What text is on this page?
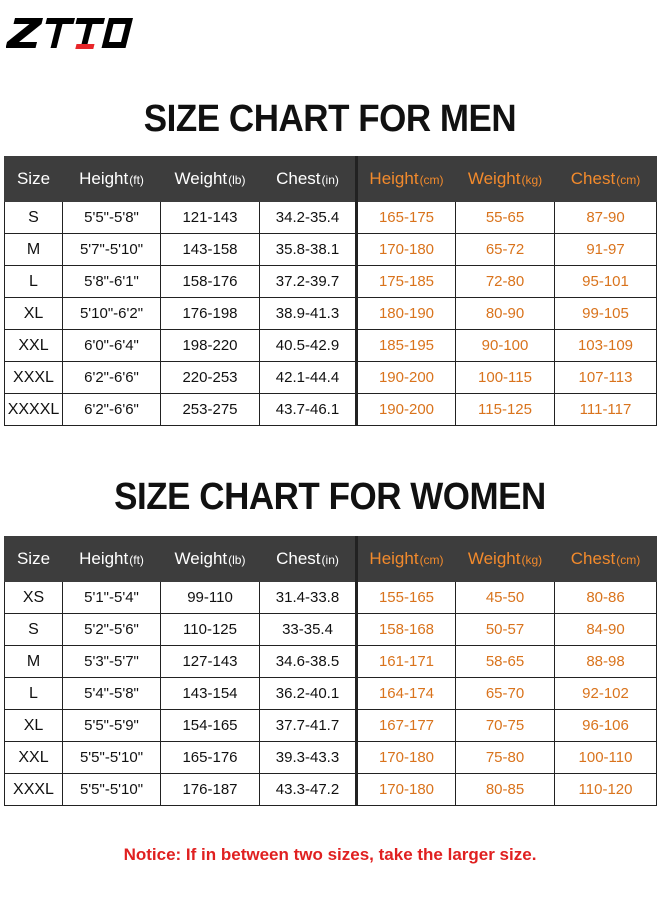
SIZE CHART FOR MEN
Size	Height(ft)	Weight(lb)	Chest(in)	Height(cm)	Weight(kg)	Chest(cm)
S	5'5"-5'8"	121-143	34.2-35.4	165-175	55-65	87-90
M	5'7"-5'10"	143-158	35.8-38.1	170-180	65-72	91-97
L	5'8"-6'1"	158-176	37.2-39.7	175-185	72-80	95-101
XL	5'10"-6'2"	176-198	38.9-41.3	180-190	80-90	99-105
XXL	6'0"-6'4"	198-220	40.5-42.9	185-195	90-100	103-109
XXXL	6'2"-6'6"	220-253	42.1-44.4	190-200	100-115	107-113
XXXXL	6'2"-6'6"	253-275	43.7-46.1	190-200	115-125	111-117
SIZE CHART FOR WOMEN
Size	Height(ft)	Weight(lb)	Chest(in)	Height(cm)	Weight(kg)	Chest(cm)
XS	5'1"-5'4"	99-110	31.4-33.8	155-165	45-50	80-86
S	5'2"-5'6"	110-125	33-35.4	158-168	50-57	84-90
M	5'3"-5'7"	127-143	34.6-38.5	161-171	58-65	88-98
L	5'4"-5'8"	143-154	36.2-40.1	164-174	65-70	92-102
XL	5'5"-5'9"	154-165	37.7-41.7	167-177	70-75	96-106
XXL	5'5"-5'10"	165-176	39.3-43.3	170-180	75-80	100-110
XXXL	5'5"-5'10"	176-187	43.3-47.2	170-180	80-85	110-120
Notice: If in between two sizes, take the larger size.
